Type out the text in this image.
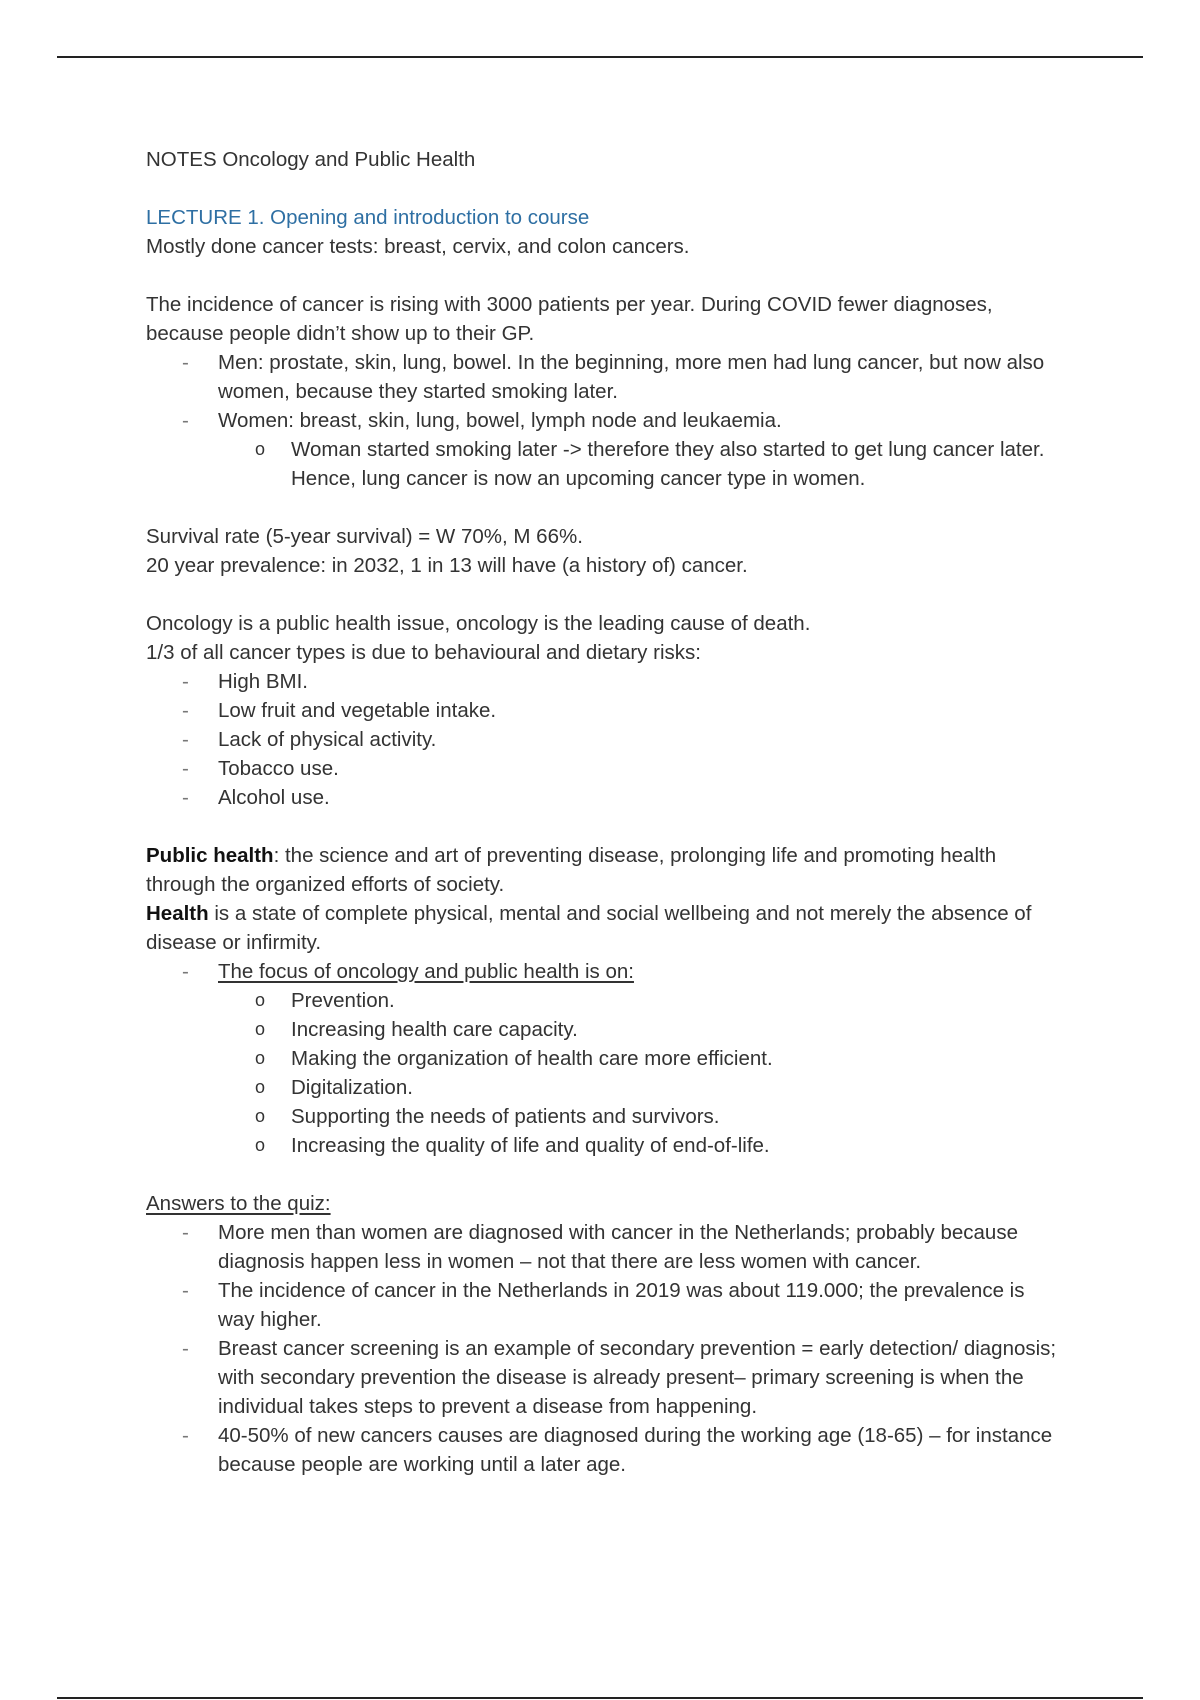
NOTES Oncology and Public Health

LECTURE 1. Opening and introduction to course

Mostly done cancer tests: breast, cervix, and colon cancers.

The incidence of cancer is rising with 3000 patients per year. During COVID fewer diagnoses, because people didn’t show up to their GP.

- Men: prostate, skin, lung, bowel. In the beginning, more men had lung cancer, but now also women, because they started smoking later.
- Women: breast, skin, lung, bowel, lymph node and leukaemia.
o Woman started smoking later -> therefore they also started to get lung cancer later. Hence, lung cancer is now an upcoming cancer type in women.

Survival rate (5-year survival) = W 70%, M 66%.

20 year prevalence: in 2032, 1 in 13 will have (a history of) cancer.

Oncology is a public health issue, oncology is the leading cause of death.

1/3 of all cancer types is due to behavioural and dietary risks:

- High BMI.
- Low fruit and vegetable intake.
- Lack of physical activity.
- Tobacco use.
- Alcohol use.

Public health: the science and art of preventing disease, prolonging life and promoting health through the organized efforts of society.

Health is a state of complete physical, mental and social wellbeing and not merely the absence of disease or infirmity.

- The focus of oncology and public health is on:
o Prevention.
o Increasing health care capacity.
o Making the organization of health care more efficient.
o Digitalization.
o Supporting the needs of patients and survivors.
o Increasing the quality of life and quality of end-of-life.

Answers to the quiz:

- More men than women are diagnosed with cancer in the Netherlands; probably because diagnosis happen less in women – not that there are less women with cancer.
- The incidence of cancer in the Netherlands in 2019 was about 119.000; the prevalence is way higher.
- Breast cancer screening is an example of secondary prevention = early detection/ diagnosis; with secondary prevention the disease is already present– primary screening is when the individual takes steps to prevent a disease from happening.
- 40-50% of new cancers causes are diagnosed during the working age (18-65) – for instance because people are working until a later age.
